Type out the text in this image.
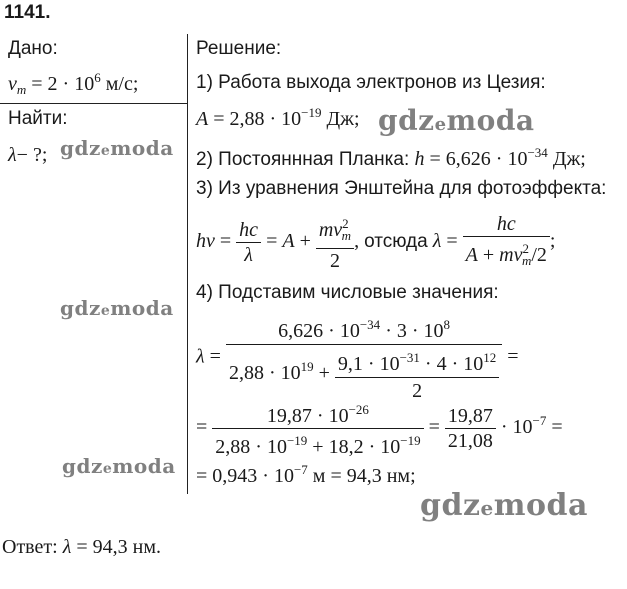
1141.
Дано:
$v_m = 2 \cdot 10^6$ м/с;
Найти:
λ− ?;
Решение:
1) Работа выхода электронов из Цезия:
$A = 2,88 \cdot 10^{-19}$ Дж;
2) Постояннная Планка: $h = 6,626 \cdot 10^{-34}$ Дж;
3) Из уравнения Энштейна для фотоэффекта:
$h\nu = \frac{hc}{\lambda} = A + \frac{mv^2_m}{2}$ , отсюда $\lambda = \frac{hc}{A + mv^2_m/2}$ ;
4) Подставим числовые значения:
$\lambda = \frac{6,626 \cdot 10^{-34} \cdot 3 \cdot 10^8}{2,88 \cdot 10^{19} + \frac{9,1 \cdot 10^{-31} \cdot 4 \cdot 10^{12}}{2}}$ =
= $\frac{19,87 \cdot 10^{-26}}{2,88 \cdot 10^{-19} + 18,2 \cdot 10^{-19}} = \frac{19,87}{21,08} \cdot 10^{-7}$ =
= $0,943 \cdot 10^{-7}$ м = 94,3 нм;
Ответ: λ = 94,3 нм.
gdzemoda
gdzemoda
gdzemoda
gdzemoda
gdzemoda
